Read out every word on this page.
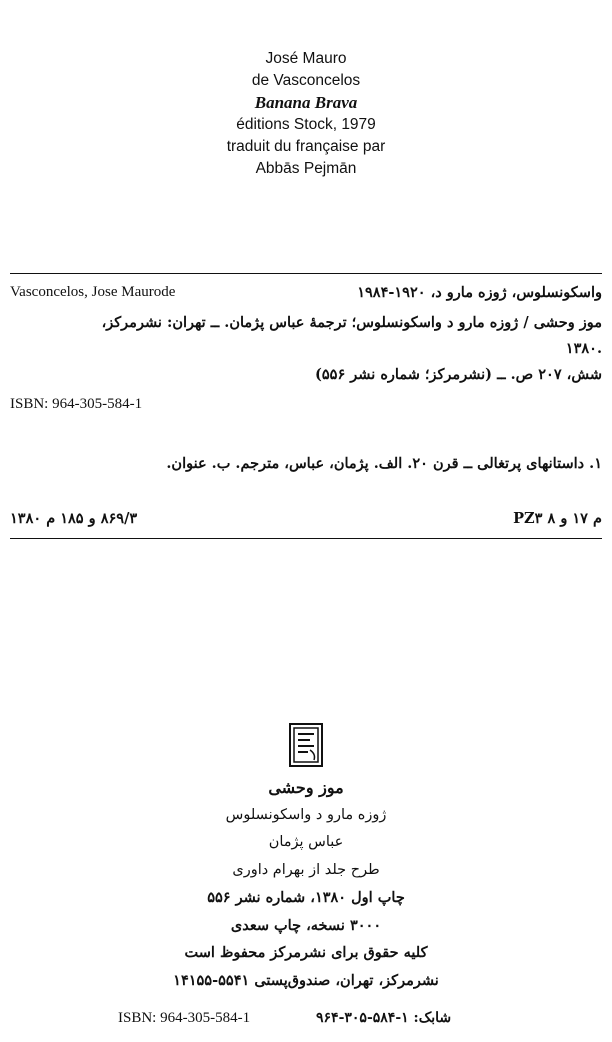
José Mauro
de Vasconcelos
Banana Brava
éditions Stock, 1979
traduit du française par
Abbās Pejmān
Vasconcelos, Jose Maurode	واسکونسلوس، ژوزه مارو د، ۱۹۲۰-۱۹۸۴
موز وحشی / ژوزه مارو د واسکونسلوس؛ ترجمهٔ عباس پژمان. ــ تهران: نشرمرکز،
۱۳۸۰.
شش، ۲۰۷ ص. ــ (نشرمرکز؛ شماره نشر ۵۵۶)
ISBN: 964-305-584-1
۱. داستانهای پرتغالی ــ قرن ۲۰. الف. پژمان، عباس، مترجم. ب. عنوان.
۸۶۹/۳ و ۱۸۵ م ۱۳۸۰	PZ۳ ۸ م ۱۷ و
موز وحشی
ژوزه مارو د واسکونسلوس
عباس پژمان
طرح جلد از بهرام داوری
چاپ اول ۱۳۸۰، شماره نشر ۵۵۶
۳۰۰۰ نسخه، چاپ سعدی
کلیه حقوق برای نشرمرکز محفوظ است
نشرمرکز، تهران، صندوق‌پستی ۵۵۴۱-۱۴۱۵۵
شابک: ۱-۵۸۴-۳۰۵-۹۶۴
ISBN: 964-305-584-1
